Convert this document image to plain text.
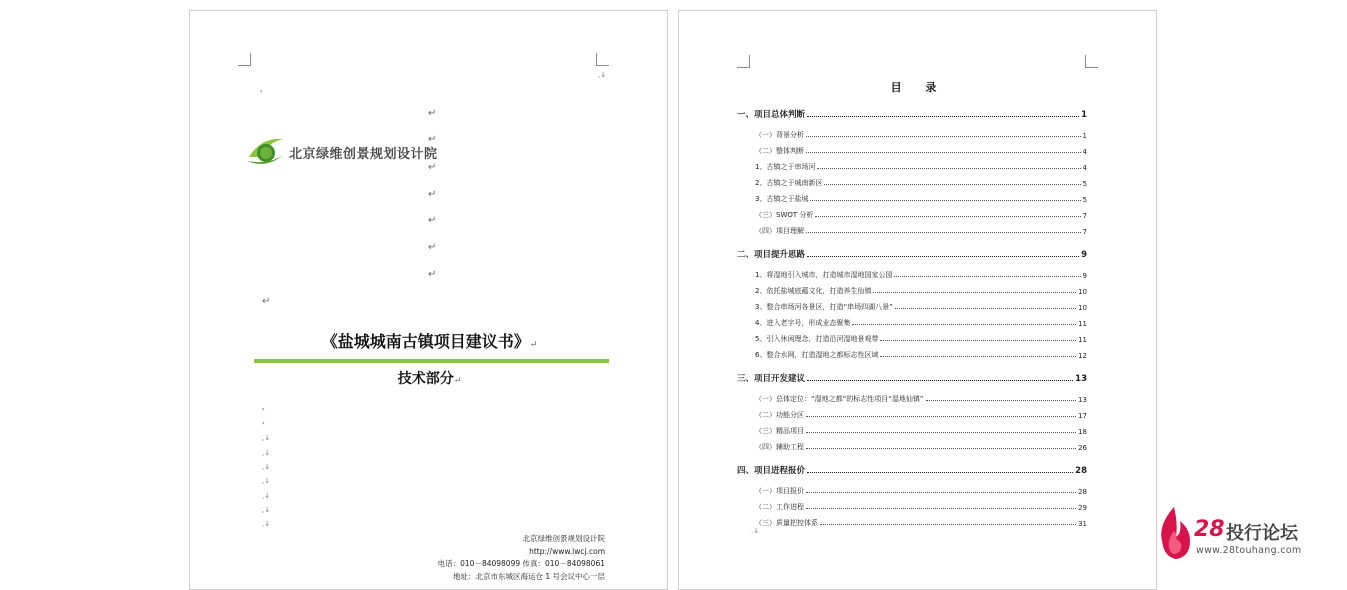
,↓
⸗
↵
↵
↵
↵
↵
↵
↵
↵
北京绿维创景规划设计院
《盐城城南古镇项目建议书》↵
技术部分↵
⸗
⸗
,↓
,↓
,↓
,↓
,↓
,↓
,↓
北京绿维创景规划设计院
http://www.lwcj.com
电话：010－84098099 传真：010－84098061
地址：北京市东城区海运仓 1 号会议中心一层
目 录
一、项目总体判断	1
（一）背景分析	1
（二）整体判断	4
1、古镇之于串场河	4
2、古镇之于城南新区	5
3、古镇之于盐城	5
（三）SWOT 分析	7
（四）项目理解	7
二、项目提升思路	9
1、将湿地引入城市，打造城市湿地国家公园	9
2、依托盐城底蕴文化，打造养生仙镇	10
3、整合串场河各景区，打造“串场四湖八景”	10
4、进入老字号，形成业态聚集	11
5、引入休闲理念，打造沿河湿地景观带	11
6、整合水网，打造湿地之都标志性区域	12
三、项目开发建议	13
（一）总体定位：“湿地之都”的标志性项目“湿地仙镇”	13
（二）功能分区	17
（三）精品项目	18
（四）辅助工程	26
四、项目进程报价	28
（一）项目报价	28
（二）工作进程	29
（三）质量把控体系	31
.↓	28 投行论坛
www.28touhang.com
